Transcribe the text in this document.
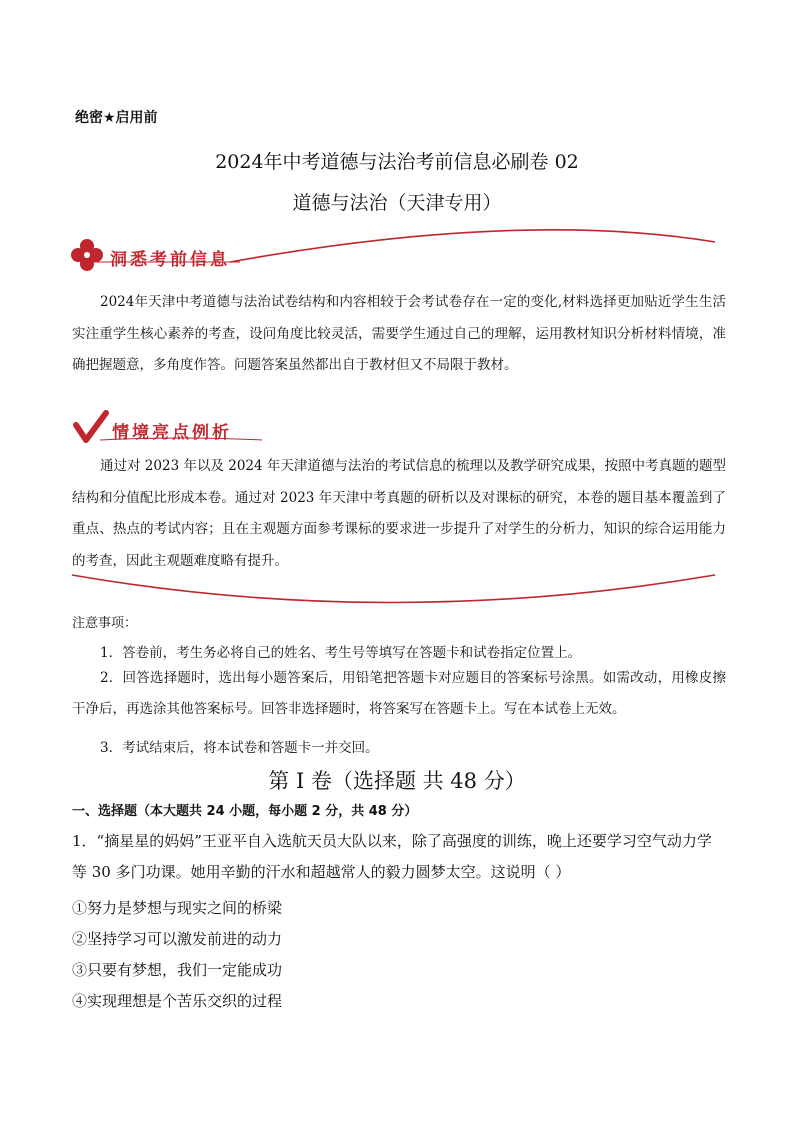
绝密★启用前
2024年中考道德与法治考前信息必刷卷 02
道德与法治（天津专用）
洞悉考前信息
2024年天津中考道德与法治试卷结构和内容相较于会考试卷存在一定的变化,材料选择更加贴近学生生活实注重学生核心素养的考查，设问角度比较灵活，需要学生通过自己的理解，运用教材知识分析材料情境，准确把握题意，多角度作答。问题答案虽然都出自于教材但又不局限于教材。
情境亮点例析
通过对 2023 年以及 2024 年天津道德与法治的考试信息的梳理以及教学研究成果，按照中考真题的题型结构和分值配比形成本卷。通过对 2023 年天津中考真题的研析以及对课标的研究，本卷的题目基本覆盖到了重点、热点的考试内容；且在主观题方面参考课标的要求进一步提升了对学生的分析力，知识的综合运用能力的考查，因此主观题难度略有提升。
注意事项：
1．答卷前，考生务必将自己的姓名、考生号等填写在答题卡和试卷指定位置上。
2．回答选择题时，选出每小题答案后，用铅笔把答题卡对应题目的答案标号涂黑。如需改动，用橡皮擦干净后，再选涂其他答案标号。回答非选择题时，将答案写在答题卡上。写在本试卷上无效。
3．考试结束后，将本试卷和答题卡一并交回。
第 I 卷（选择题 共 48 分）
一、选择题（本大题共 24 小题，每小题 2 分，共 48 分）
1．“摘星星的妈妈”王亚平自入选航天员大队以来，除了高强度的训练，晚上还要学习空气动力学等 30 多门功课。她用辛勤的汗水和超越常人的毅力圆梦太空。这说明（ ）
①努力是梦想与现实之间的桥梁
②坚持学习可以激发前进的动力
③只要有梦想，我们一定能成功
④实现理想是个苦乐交织的过程
